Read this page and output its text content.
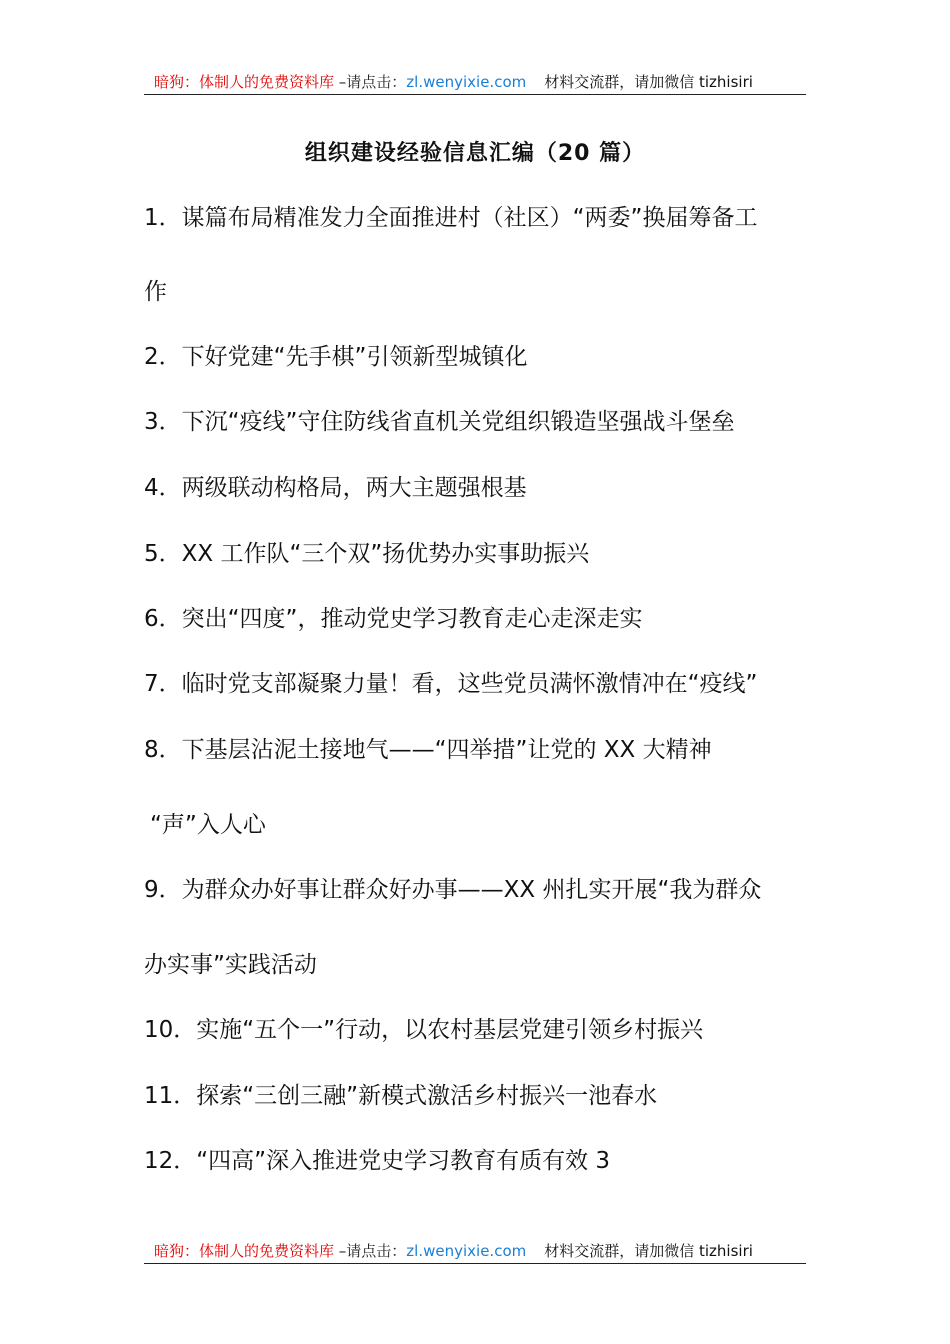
暗狗：体制人的免费资料库 –请点击：zl.wenyixie.com 材料交流群，请加微信 tizhisiri
组织建设经验信息汇编（20 篇）
1．谋篇布局精准发力全面推进村（社区）“两委”换届筹备工
作
2．下好党建“先手棋”引领新型城镇化
3．下沉“疫线”守住防线省直机关党组织锻造坚强战斗堡垒
4．两级联动构格局，两大主题强根基
5．XX 工作队“三个双”扬优势办实事助振兴
6．突出“四度”，推动党史学习教育走心走深走实
7．临时党支部凝聚力量！看，这些党员满怀激情冲在“疫线”
8．下基层沾泥土接地气——“四举措”让党的 XX 大精神
“声”入人心
9．为群众办好事让群众好办事——XX 州扎实开展“我为群众
办实事”实践活动
10．实施“五个一”行动，以农村基层党建引领乡村振兴
11．探索“三创三融”新模式激活乡村振兴一池春水
12．“四高”深入推进党史学习教育有质有效 3
暗狗：体制人的免费资料库 –请点击：zl.wenyixie.com 材料交流群，请加微信 tizhisiri
